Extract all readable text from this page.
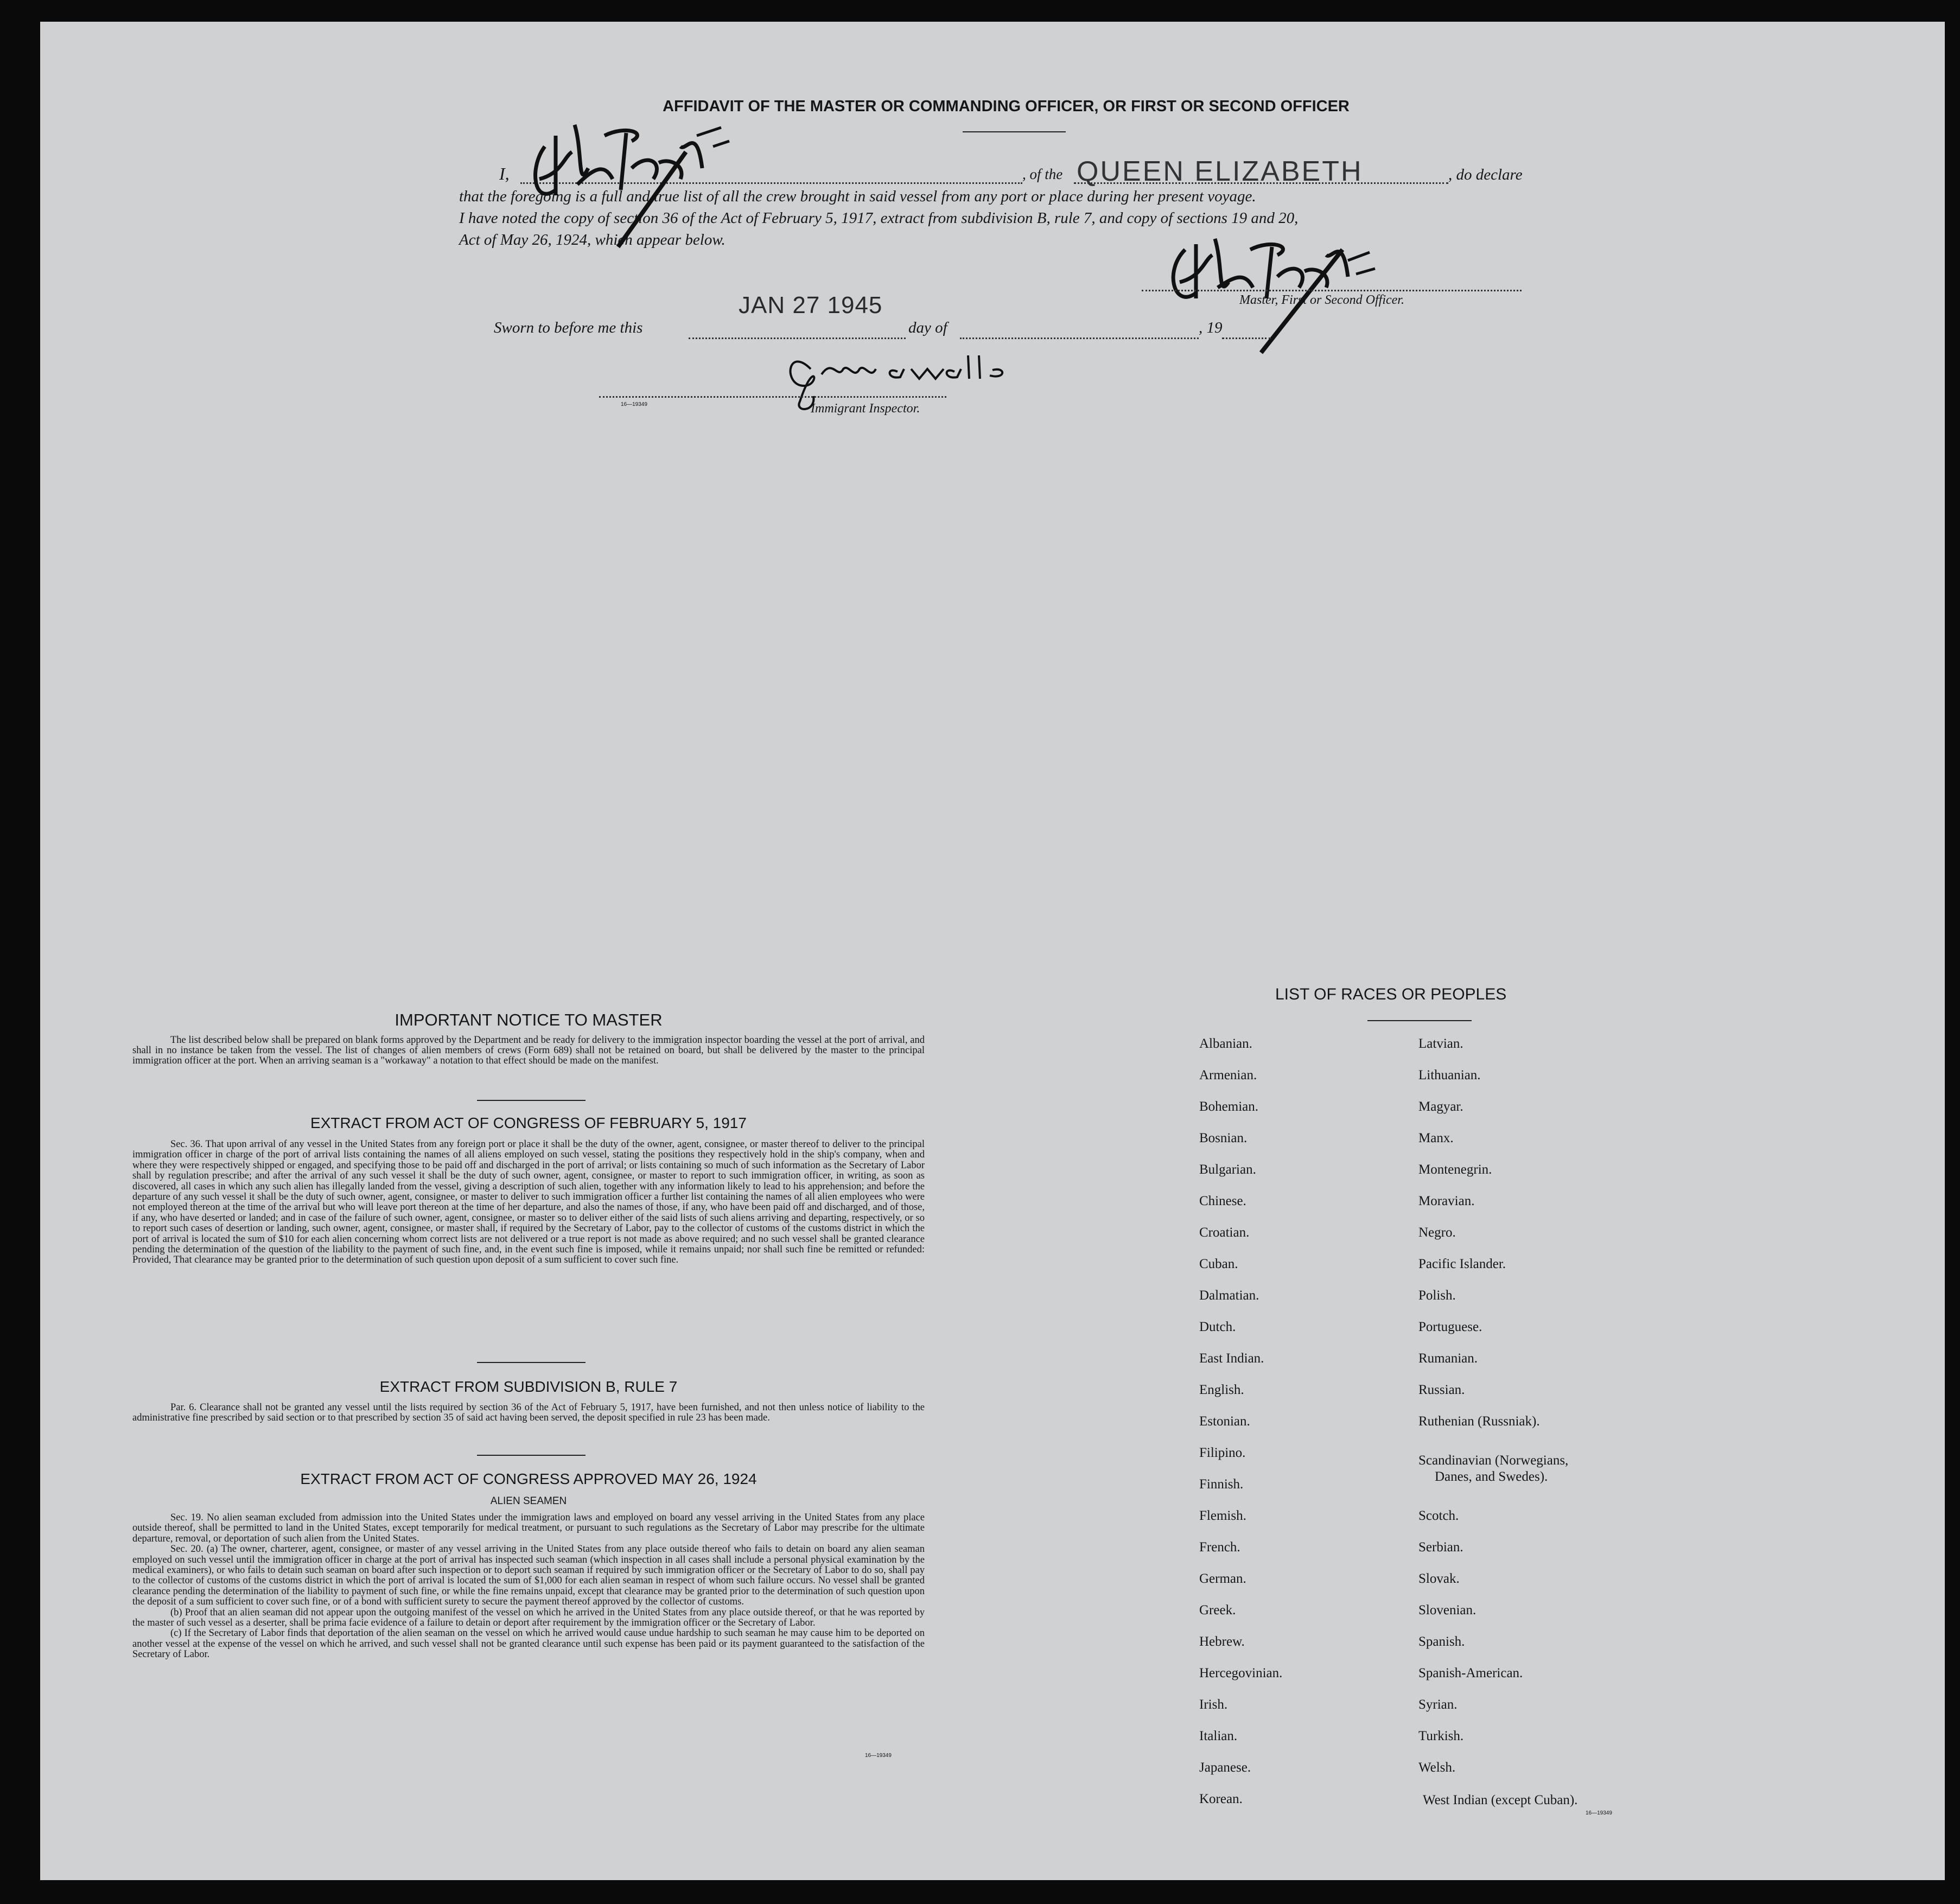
AFFIDAVIT OF THE MASTER OR COMMANDING OFFICER, OR FIRST OR SECOND OFFICER
I,	, of the QUEEN ELIZABETH	, do declare
that the foregoing is a full and true list of all the crew brought in said vessel from any port or place during her present voyage.
I have noted the copy of section 36 of the Act of February 5, 1917, extract from subdivision B, rule 7, and copy of sections 19 and 20,
Act of May 26, 1924, which appear below.
Master, First or Second Officer.
Sworn to before me this
JAN 27 1945
day of	, 19
16—19349	Immigrant Inspector.
IMPORTANT NOTICE TO MASTER
The list described below shall be prepared on blank forms approved by the Department and be ready for delivery to the immigration inspector boarding the vessel at the port of arrival, and shall in no instance be taken from the vessel. The list of changes of alien members of crews (Form 689) shall not be retained on board, but shall be delivered by the master to the principal immigration officer at the port. When an arriving seaman is a "workaway" a notation to that effect should be made on the manifest.
EXTRACT FROM ACT OF CONGRESS OF FEBRUARY 5, 1917
Sec. 36. That upon arrival of any vessel in the United States from any foreign port or place it shall be the duty of the owner, agent, consignee, or master thereof to deliver to the principal immigration officer in charge of the port of arrival lists containing the names of all aliens employed on such vessel, stating the positions they respectively hold in the ship's company, when and where they were respectively shipped or engaged, and specifying those to be paid off and discharged in the port of arrival; or lists containing so much of such information as the Secretary of Labor shall by regulation prescribe; and after the arrival of any such vessel it shall be the duty of such owner, agent, consignee, or master to report to such immigration officer, in writing, as soon as discovered, all cases in which any such alien has illegally landed from the vessel, giving a description of such alien, together with any information likely to lead to his apprehension; and before the departure of any such vessel it shall be the duty of such owner, agent, consignee, or master to deliver to such immigration officer a further list containing the names of all alien employees who were not employed thereon at the time of the arrival but who will leave port thereon at the time of her departure, and also the names of those, if any, who have been paid off and discharged, and of those, if any, who have deserted or landed; and in case of the failure of such owner, agent, consignee, or master so to deliver either of the said lists of such aliens arriving and departing, respectively, or so to report such cases of desertion or landing, such owner, agent, consignee, or master shall, if required by the Secretary of Labor, pay to the collector of customs of the customs district in which the port of arrival is located the sum of $10 for each alien concerning whom correct lists are not delivered or a true report is not made as above required; and no such vessel shall be granted clearance pending the determination of the question of the liability to the payment of such fine, and, in the event such fine is imposed, while it remains unpaid; nor shall such fine be remitted or refunded: Provided, That clearance may be granted prior to the determination of such question upon deposit of a sum sufficient to cover such fine.
EXTRACT FROM SUBDIVISION B, RULE 7
Par. 6. Clearance shall not be granted any vessel until the lists required by section 36 of the Act of February 5, 1917, have been furnished, and not then unless notice of liability to the administrative fine prescribed by said section or to that prescribed by section 35 of said act having been served, the deposit specified in rule 23 has been made.
EXTRACT FROM ACT OF CONGRESS APPROVED MAY 26, 1924
ALIEN SEAMEN
Sec. 19. No alien seaman excluded from admission into the United States under the immigration laws and employed on board any vessel arriving in the United States from any place outside thereof, shall be permitted to land in the United States, except temporarily for medical treatment, or pursuant to such regulations as the Secretary of Labor may prescribe for the ultimate departure, removal, or deportation of such alien from the United States.
Sec. 20. (a) The owner, charterer, agent, consignee, or master of any vessel arriving in the United States from any place outside thereof who fails to detain on board any alien seaman employed on such vessel until the immigration officer in charge at the port of arrival has inspected such seaman (which inspection in all cases shall include a personal physical examination by the medical examiners), or who fails to detain such seaman on board after such inspection or to deport such seaman if required by such immigration officer or the Secretary of Labor to do so, shall pay to the collector of customs of the customs district in which the port of arrival is located the sum of $1,000 for each alien seaman in respect of whom such failure occurs. No vessel shall be granted clearance pending the determination of the liability to payment of such fine, or while the fine remains unpaid, except that clearance may be granted prior to the determination of such question upon the deposit of a sum sufficient to cover such fine, or of a bond with sufficient surety to secure the payment thereof approved by the collector of customs.
(b) Proof that an alien seaman did not appear upon the outgoing manifest of the vessel on which he arrived in the United States from any place outside thereof, or that he was reported by the master of such vessel as a deserter, shall be prima facie evidence of a failure to detain or deport after requirement by the immigration officer or the Secretary of Labor.
(c) If the Secretary of Labor finds that deportation of the alien seaman on the vessel on which he arrived would cause undue hardship to such seaman he may cause him to be deported on another vessel at the expense of the vessel on which he arrived, and such vessel shall not be granted clearance until such expense has been paid or its payment guaranteed to the satisfaction of the Secretary of Labor.
16—19349
LIST OF RACES OR PEOPLES
Albanian.
Armenian.
Bohemian.
Bosnian.
Bulgarian.
Chinese.
Croatian.
Cuban.
Dalmatian.
Dutch.
East Indian.
English.
Estonian.
Filipino.
Finnish.
Flemish.
French.
German.
Greek.
Hebrew.
Hercegovinian.
Irish.
Italian.
Japanese.
Korean.
Latvian.
Lithuanian.
Magyar.
Manx.
Montenegrin.
Moravian.
Negro.
Pacific Islander.
Polish.
Portuguese.
Rumanian.
Russian.
Ruthenian (Russniak).
Scandinavian (Norwegians,
Danes, and Swedes).
Scotch.
Serbian.
Slovak.
Slovenian.
Spanish.
Spanish-American.
Syrian.
Turkish.
Welsh.
West Indian (except Cuban).
16—19349
